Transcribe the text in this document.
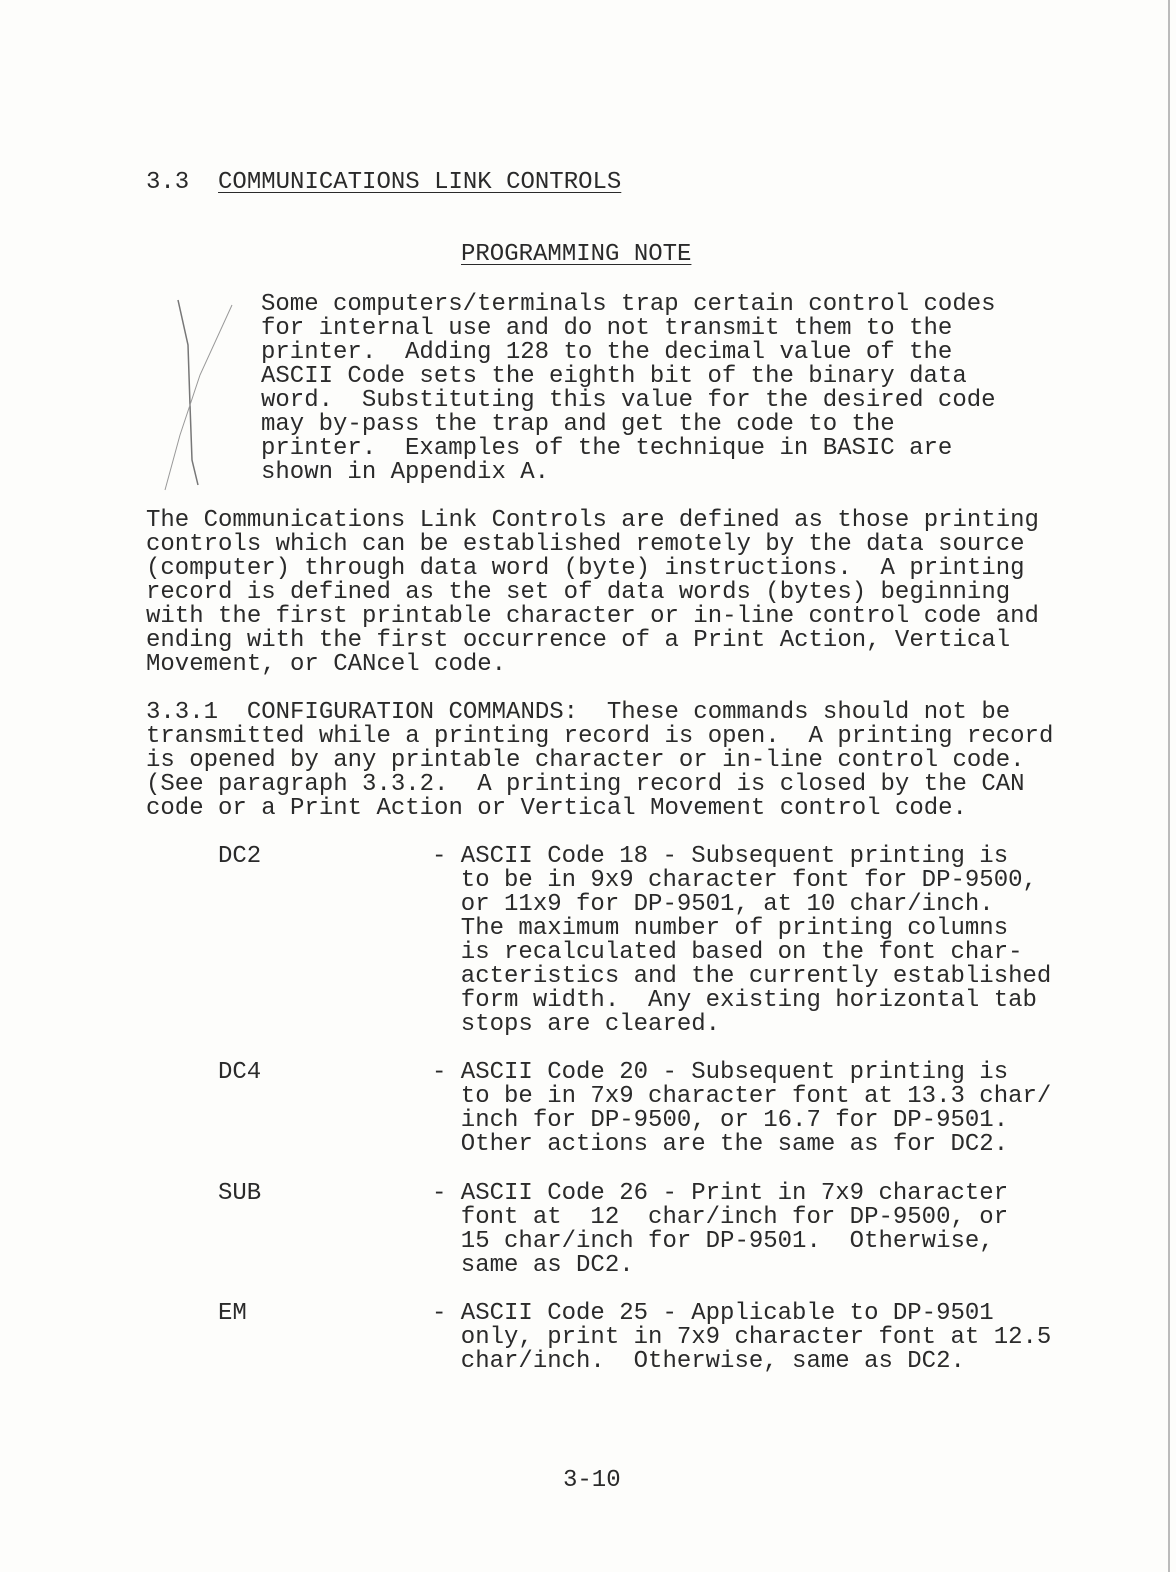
3.3 COMMUNICATIONS LINK CONTROLS
PROGRAMMING NOTE
Some computers/terminals trap certain control codes
for internal use and do not transmit them to the
printer.  Adding 128 to the decimal value of the
ASCII Code sets the eighth bit of the binary data
word.  Substituting this value for the desired code
may by-pass the trap and get the code to the
printer.  Examples of the technique in BASIC are
shown in Appendix A.
The Communications Link Controls are defined as those printing
controls which can be established remotely by the data source
(computer) through data word (byte) instructions.  A printing
record is defined as the set of data words (bytes) beginning
with the first printable character or in-line control code and
ending with the first occurrence of a Print Action, Vertical
Movement, or CANcel code.
3.3.1  CONFIGURATION COMMANDS:  These commands should not be
transmitted while a printing record is open.  A printing record
is opened by any printable character or in-line control code.
(See paragraph 3.3.2.  A printing record is closed by the CAN
code or a Print Action or Vertical Movement control code.
DC2	- ASCII Code 18 - Subsequent printing is
to be in 9x9 character font for DP-9500,
or 11x9 for DP-9501, at 10 char/inch.
The maximum number of printing columns
is recalculated based on the font char-
acteristics and the currently established
form width.  Any existing horizontal tab
stops are cleared.
DC4	- ASCII Code 20 - Subsequent printing is
to be in 7x9 character font at 13.3 char/
inch for DP-9500, or 16.7 for DP-9501.
Other actions are the same as for DC2.
SUB	- ASCII Code 26 - Print in 7x9 character
font at  12  char/inch for DP-9500, or
15 char/inch for DP-9501.  Otherwise,
same as DC2.
EM	- ASCII Code 25 - Applicable to DP-9501
only, print in 7x9 character font at 12.5
char/inch.  Otherwise, same as DC2.
3-10
